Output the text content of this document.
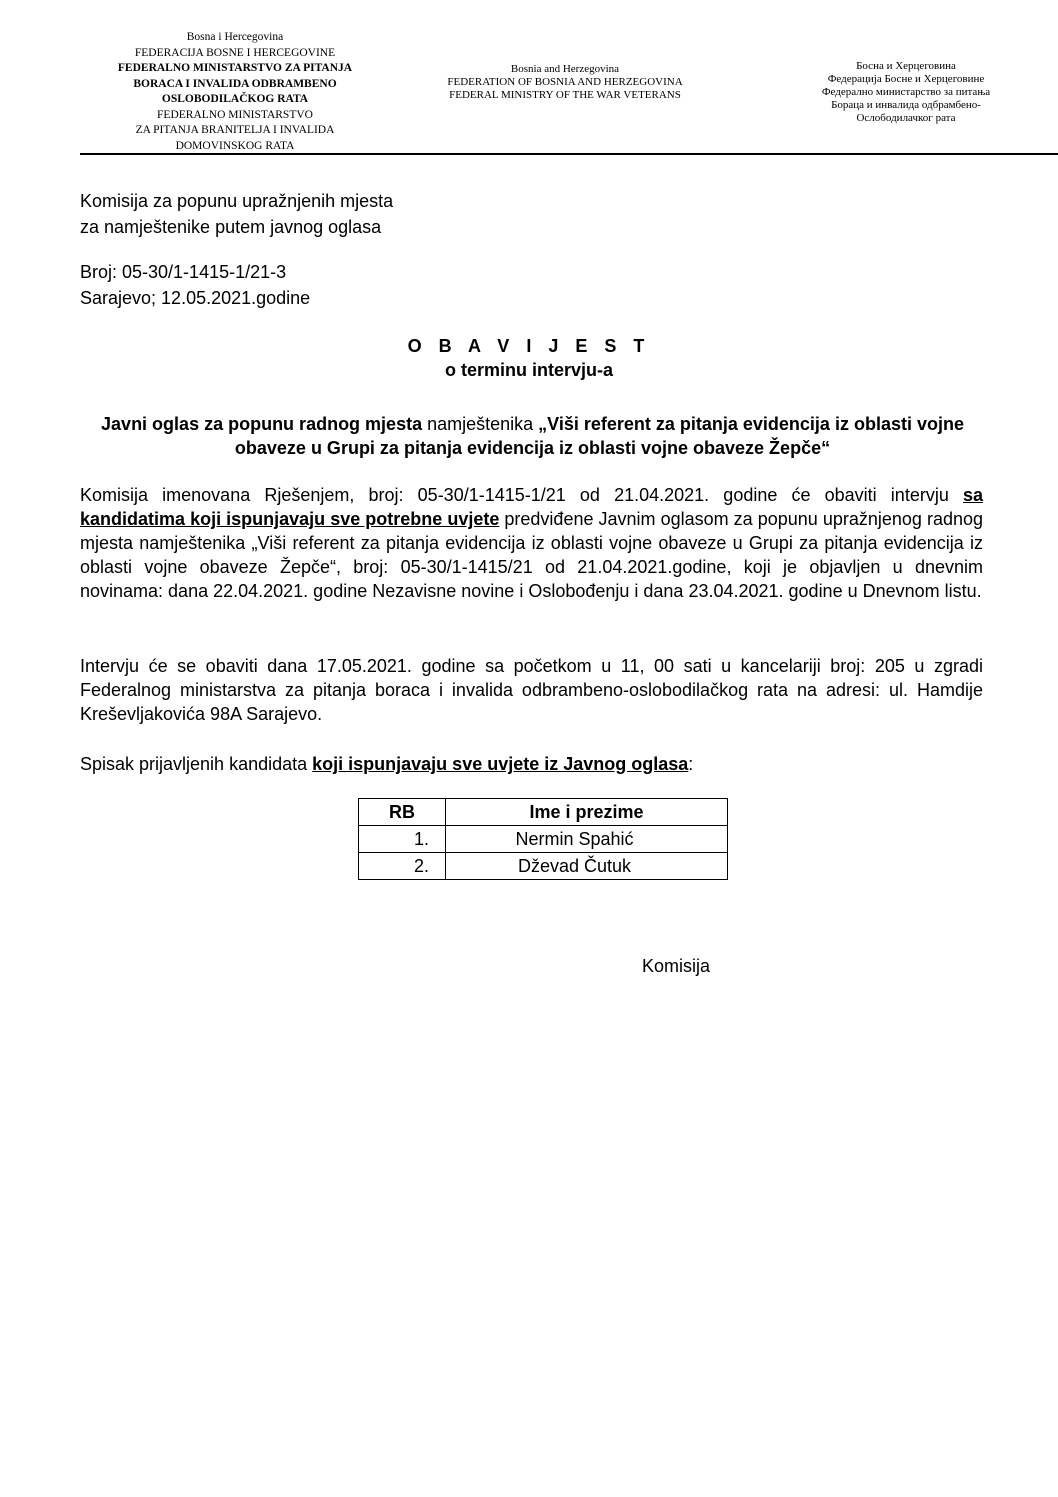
Bosna i Hercegovina
FEDERACIJA BOSNE I HERCEGOVINE
FEDERALNO MINISTARSTVO ZA PITANJA
BORACA I INVALIDA ODBRAMBENO
OSLOBODILAČKOG RATA
FEDERALNO MINISTARSTVO
ZA PITANJA BRANITELJA I INVALIDA
DOMOVINSKOG RATA
Bosnia and Herzegovina
FEDERATION OF BOSNIA AND HERZEGOVINA
FEDERAL MINISTRY OF THE WAR VETERANS
Босна и Херцеговина
Федерација Босне и Херцеговине
Федерално министарство за питања
Бораца и инвалида одбрамбено-
Ослободилачког рата
Komisija za popunu upražnjenih mjesta
za namještenike putem javnog oglasa
Broj: 05-30/1-1415-1/21-3
Sarajevo; 12.05.2021.godine
O B A V I J E S T
o terminu intervju-a
Javni oglas za popunu radnog mjesta namještenika „Viši referent za pitanja evidencija iz oblasti vojne obaveze u Grupi za pitanja evidencija iz oblasti vojne obaveze Žepče“
Komisija imenovana Rješenjem, broj: 05-30/1-1415-1/21 od 21.04.2021. godine će obaviti intervju sa kandidatima koji ispunjavaju sve potrebne uvjete predviđene Javnim oglasom za popunu upražnjenog radnog mjesta namještenika „Viši referent za pitanja evidencija iz oblasti vojne obaveze u Grupi za pitanja evidencija iz oblasti vojne obaveze Žepče“, broj: 05-30/1-1415/21 od 21.04.2021.godine, koji je objavljen u dnevnim novinama: dana 22.04.2021. godine Nezavisne novine i Oslobođenju i dana 23.04.2021. godine u Dnevnom listu.
Intervju će se obaviti dana 17.05.2021. godine sa početkom u 11, 00 sati u kancelariji broj: 205 u zgradi Federalnog ministarstva za pitanja boraca i invalida odbrambeno-oslobodilačkog rata na adresi: ul. Hamdije Kreševljakovića 98A Sarajevo.
Spisak prijavljenih kandidata koji ispunjavaju sve uvjete iz Javnog oglasa:
RB	Ime i prezime
1.	Nermin Spahić
2.	Dževad Čutuk
Komisija
